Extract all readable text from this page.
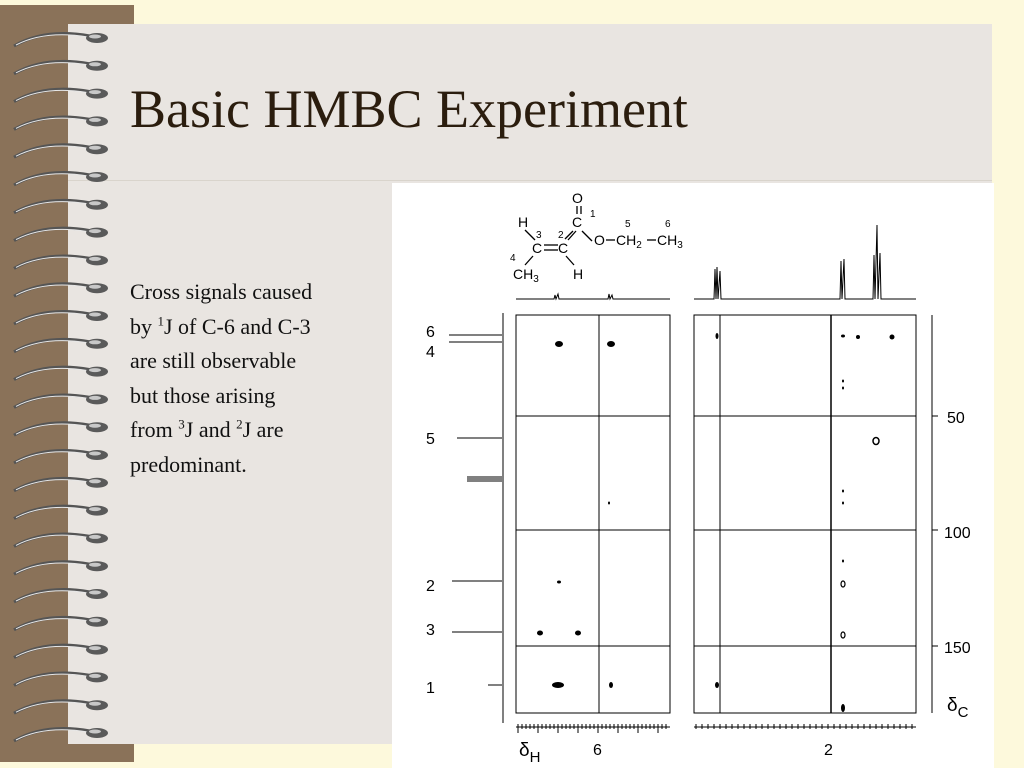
Basic HMBC Experiment
Cross signals caused
by $^1$J of C-6 and C-3
are still observable
but those arising
from $^3$J and $^2$J are
predominant.
O
C 1
5	6
2
3
H
O $CH_2$ $CH_3$
C C
4
$CH_3$ H
6
4
5
2
3
1
50
100
150
$\delta_C$
$\delta_H$	6	2
